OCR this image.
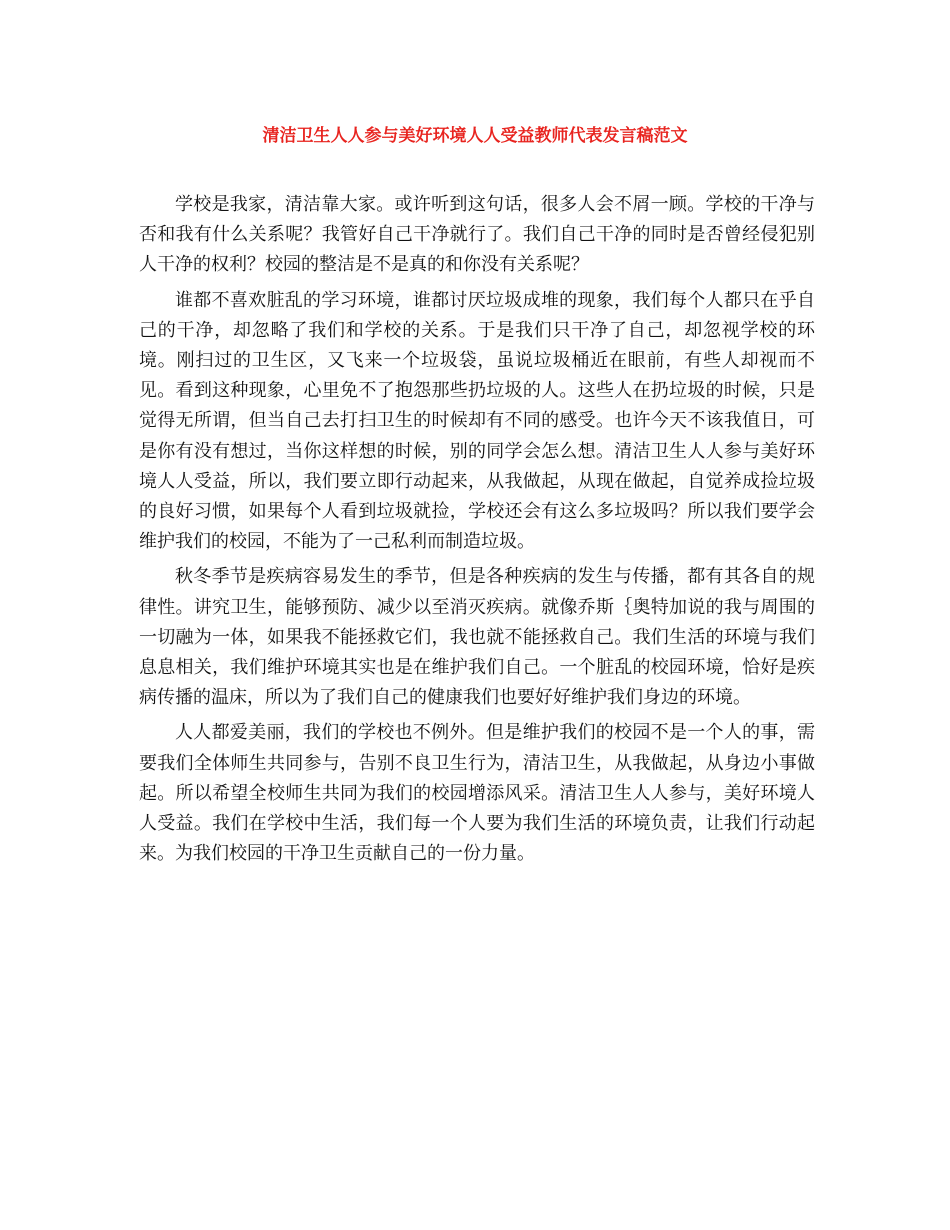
清洁卫生人人参与美好环境人人受益教师代表发言稿范文

学校是我家，清洁靠大家。或许听到这句话，很多人会不屑一顾。学校的干净与否和我有什么关系呢？我管好自己干净就行了。我们自己干净的同时是否曾经侵犯别人干净的权利？校园的整洁是不是真的和你没有关系呢？

谁都不喜欢脏乱的学习环境，谁都讨厌垃圾成堆的现象，我们每个人都只在乎自己的干净，却忽略了我们和学校的关系。于是我们只干净了自己，却忽视学校的环境。刚扫过的卫生区，又飞来一个垃圾袋，虽说垃圾桶近在眼前，有些人却视而不见。看到这种现象，心里免不了抱怨那些扔垃圾的人。这些人在扔垃圾的时候，只是觉得无所谓，但当自己去打扫卫生的时候却有不同的感受。也许今天不该我值日，可是你有没有想过，当你这样想的时候，别的同学会怎么想。清洁卫生人人参与美好环境人人受益，所以，我们要立即行动起来，从我做起，从现在做起，自觉养成捡垃圾的良好习惯，如果每个人看到垃圾就捡，学校还会有这么多垃圾吗？所以我们要学会维护我们的校园，不能为了一己私利而制造垃圾。

秋冬季节是疾病容易发生的季节，但是各种疾病的发生与传播，都有其各自的规律性。讲究卫生，能够预防、减少以至消灭疾病。就像乔斯｛奥特加说的我与周围的一切融为一体，如果我不能拯救它们，我也就不能拯救自己。我们生活的环境与我们息息相关，我们维护环境其实也是在维护我们自己。一个脏乱的校园环境，恰好是疾病传播的温床，所以为了我们自己的健康我们也要好好维护我们身边的环境。

人人都爱美丽，我们的学校也不例外。但是维护我们的校园不是一个人的事，需要我们全体师生共同参与，告别不良卫生行为，清洁卫生，从我做起，从身边小事做起。所以希望全校师生共同为我们的校园增添风采。清洁卫生人人参与，美好环境人人受益。我们在学校中生活，我们每一个人要为我们生活的环境负责，让我们行动起来。为我们校园的干净卫生贡献自己的一份力量。
